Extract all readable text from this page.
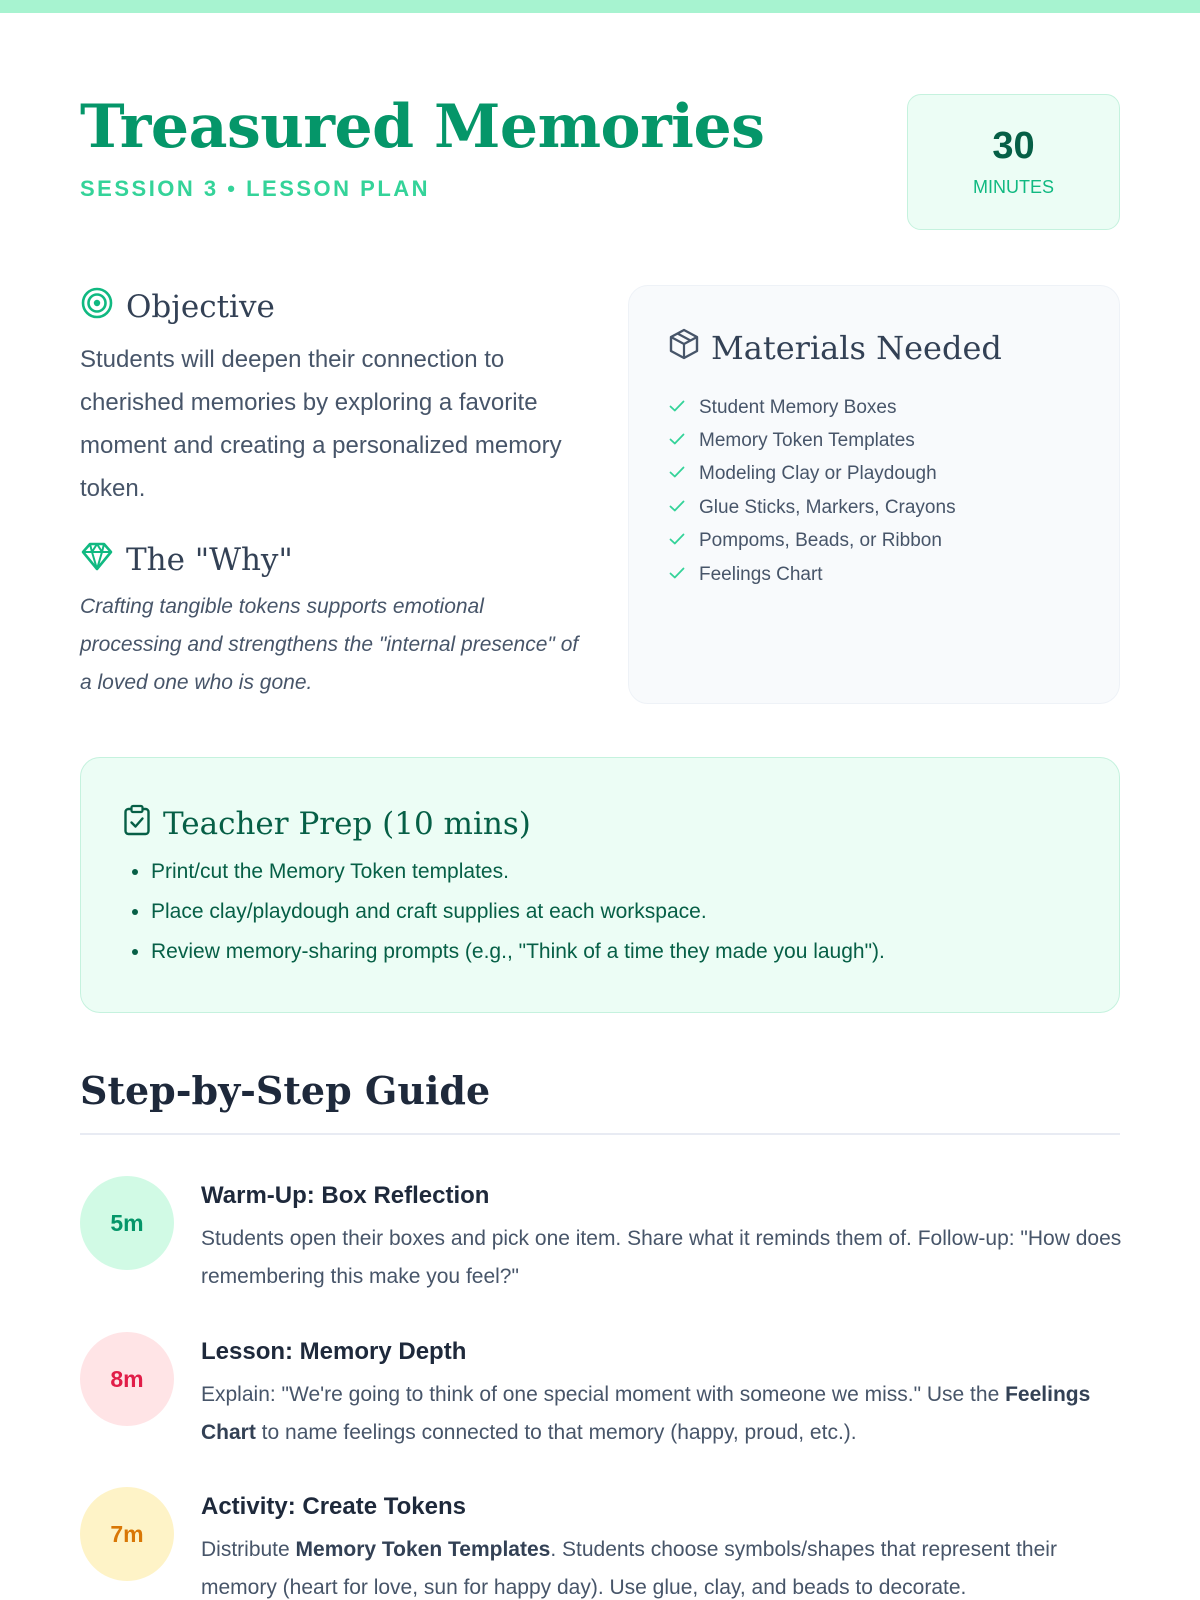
Treasured Memories
SESSION 3 • LESSON PLAN
30
MINUTES
Objective

Students will deepen their connection to cherished memories by exploring a favorite moment and creating a personalized memory token.

The "Why"

Crafting tangible tokens supports emotional processing and strengthens the "internal presence" of a loved one who is gone.

Materials Needed
Student Memory Boxes
Memory Token Templates
Modeling Clay or Playdough
Glue Sticks, Markers, Crayons
Pompoms, Beads, or Ribbon
Feelings Chart
Teacher Prep (10 mins)
• Print/cut the Memory Token templates.
• Place clay/playdough and craft supplies at each workspace.
• Review memory-sharing prompts (e.g., "Think of a time they made you laugh").
Step-by-Step Guide
5m
Warm-Up: Box Reflection

Students open their boxes and pick one item. Share what it reminds them of. Follow-up: "How does remembering this make you feel?"

8m
Lesson: Memory Depth

Explain: "We're going to think of one special moment with someone we miss." Use the Feelings Chart to name feelings connected to that memory (happy, proud, etc.).

7m
Activity: Create Tokens

Distribute Memory Token Templates. Students choose symbols/shapes that represent their memory (heart for love, sun for happy day). Use glue, clay, and beads to decorate.
